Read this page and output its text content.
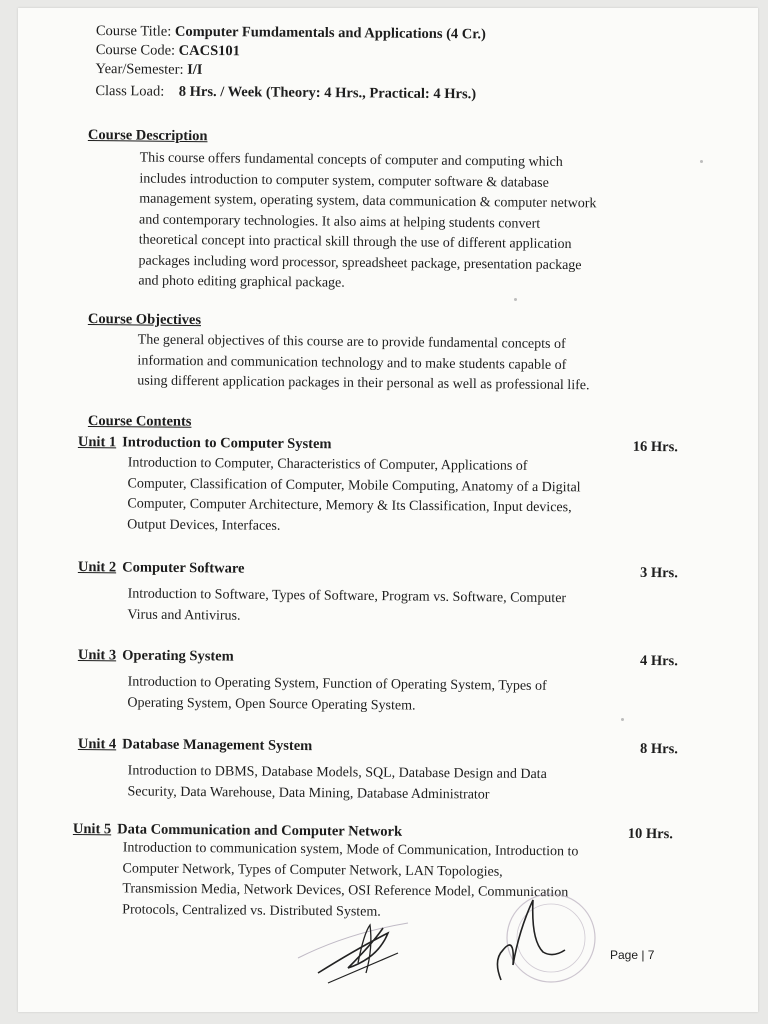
Course Title: Computer Fumdamentals and Applications (4 Cr.)
Course Code: CACS101
Year/Semester: I/I
Class Load: 8 Hrs. / Week (Theory: 4 Hrs., Practical: 4 Hrs.)
Course Description
This course offers fundamental concepts of computer and computing which
includes introduction to computer system, computer software & database
management system, operating system, data communication & computer network
and contemporary technologies. It also aims at helping students convert
theoretical concept into practical skill through the use of different application
packages including word processor, spreadsheet package, presentation package
and photo editing graphical package.
Course Objectives
The general objectives of this course are to provide fundamental concepts of
information and communication technology and to make students capable of
using different application packages in their personal as well as professional life.
Course Contents
Unit 1 Introduction to Computer System	16 Hrs.
Introduction to Computer, Characteristics of Computer, Applications of
Computer, Classification of Computer, Mobile Computing, Anatomy of a Digital
Computer, Computer Architecture, Memory & Its Classification, Input devices,
Output Devices, Interfaces.
Unit 2 Computer Software	3 Hrs.
Introduction to Software, Types of Software, Program vs. Software, Computer
Virus and Antivirus.
Unit 3 Operating System	4 Hrs.
Introduction to Operating System, Function of Operating System, Types of
Operating System, Open Source Operating System.
Unit 4 Database Management System	8 Hrs.
Introduction to DBMS, Database Models, SQL, Database Design and Data
Security, Data Warehouse, Data Mining, Database Administrator
Unit 5 Data Communication and Computer Network	10 Hrs.
Introduction to communication system, Mode of Communication, Introduction to
Computer Network, Types of Computer Network, LAN Topologies,
Transmission Media, Network Devices, OSI Reference Model, Communication
Protocols, Centralized vs. Distributed System.
Page | 7
